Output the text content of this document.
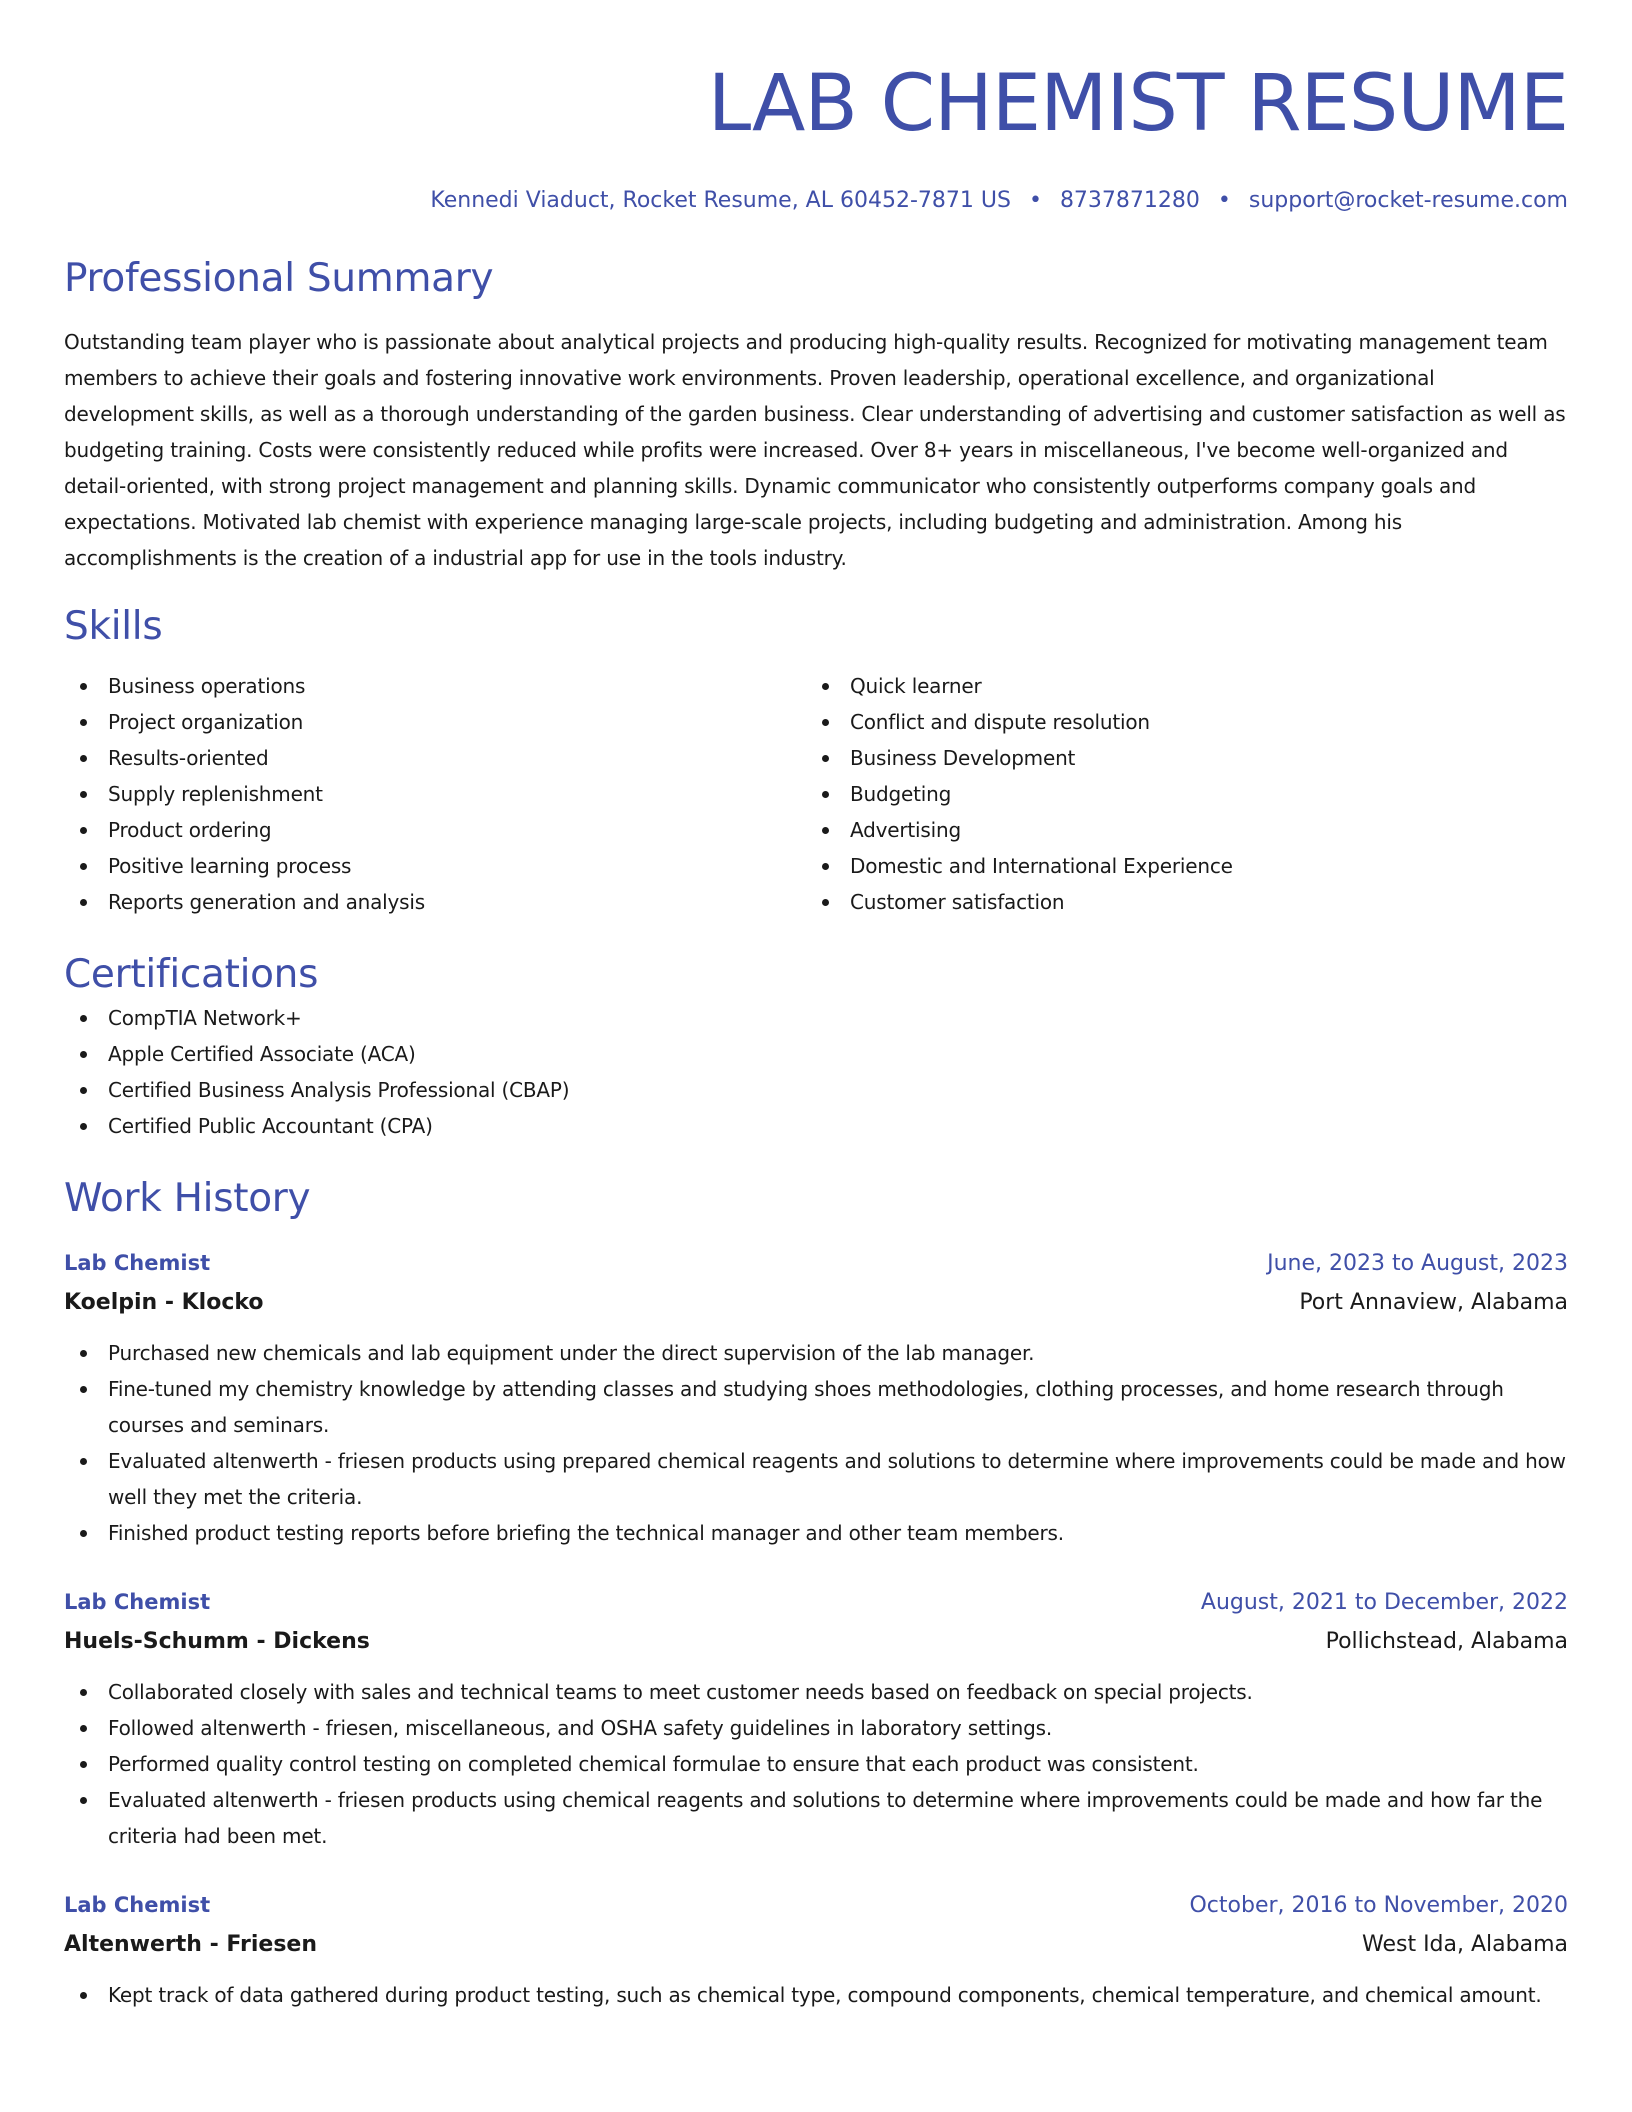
LAB CHEMIST RESUME
Kennedi Viaduct, Rocket Resume, AL 60452-7871 US • 8737871280 • support@rocket-resume.com
Professional Summary

Outstanding team player who is passionate about analytical projects and producing high-quality results. Recognized for motivating management team members to achieve their goals and fostering innovative work environments. Proven leadership, operational excellence, and organizational development skills, as well as a thorough understanding of the garden business. Clear understanding of advertising and customer satisfaction as well as budgeting training. Costs were consistently reduced while profits were increased. Over 8+ years in miscellaneous, I've become well-organized and detail-oriented, with strong project management and planning skills. Dynamic communicator who consistently outperforms company goals and expectations. Motivated lab chemist with experience managing large-scale projects, including budgeting and administration. Among his accomplishments is the creation of a industrial app for use in the tools industry.

Skills
Business operations
Project organization
Results-oriented
Supply replenishment
Product ordering
Positive learning process
Reports generation and analysis
Quick learner
Conflict and dispute resolution
Business Development
Budgeting
Advertising
Domestic and International Experience
Customer satisfaction
Certifications
CompTIA Network+
Apple Certified Associate (ACA)
Certified Business Analysis Professional (CBAP)
Certified Public Accountant (CPA)
Work History
Lab Chemist	June, 2023 to August, 2023
Koelpin - Klocko	Port Annaview, Alabama
Purchased new chemicals and lab equipment under the direct supervision of the lab manager.
Fine-tuned my chemistry knowledge by attending classes and studying shoes methodologies, clothing processes, and home research through courses and seminars.
Evaluated altenwerth - friesen products using prepared chemical reagents and solutions to determine where improvements could be made and how well they met the criteria.
Finished product testing reports before briefing the technical manager and other team members.
Lab Chemist	August, 2021 to December, 2022
Huels-Schumm - Dickens	Pollichstead, Alabama
Collaborated closely with sales and technical teams to meet customer needs based on feedback on special projects.
Followed altenwerth - friesen, miscellaneous, and OSHA safety guidelines in laboratory settings.
Performed quality control testing on completed chemical formulae to ensure that each product was consistent.
Evaluated altenwerth - friesen products using chemical reagents and solutions to determine where improvements could be made and how far the criteria had been met.
Lab Chemist	October, 2016 to November, 2020
Altenwerth - Friesen	West Ida, Alabama
Kept track of data gathered during product testing, such as chemical type, compound components, chemical temperature, and chemical amount.
